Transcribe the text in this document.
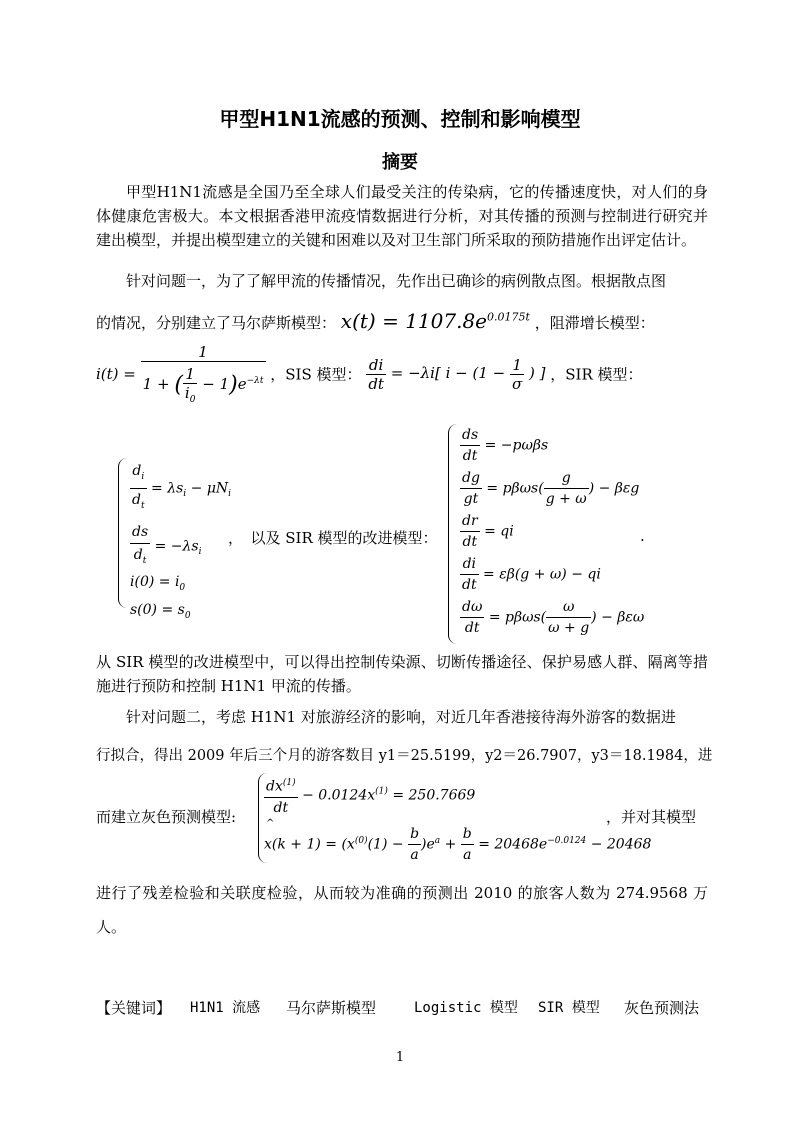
甲型H1N1流感的预测、控制和影响模型
摘要
甲型H1N1流感是全国乃至全球人们最受关注的传染病，它的传播速度快，对人们的身体健康危害极大。本文根据香港甲流疫情数据进行分析，对其传播的预测与控制进行研究并建出模型，并提出模型建立的关键和困难以及对卫生部门所采取的预防措施作出评定估计。
针对问题一，为了了解甲流的传播情况，先作出已确诊的病例散点图。根据散点图
的情况，分别建立了马尔萨斯模型： $x(t) = 1107.8e^{0.0175t}$ ，阻滞增长模型：
$i(t) = \frac{1}{1 + ( \frac{1}{i_0} - 1)e^{-\lambda t}}$ ，SIS 模型： $\frac{di}{dt} = -\lambda i$[ $i - (1 - \frac{1}{\sigma}$ ) ] ，SIR 模型：
$\frac{d_i}{d_t} = \lambda s_i - \mu N_i$
$\frac{ds}{d_t} = -\lambda s_i$
$i(0) = i_0$
$s(0) = s_0$
，　以及 SIR 模型的改进模型：
$\frac{ds}{dt} = -p\omega\beta s$
$\frac{dg}{gt} = p\beta\omega s( \frac{g}{g + \omega}$ ) − βεg
$\frac{dr}{dt}$ = qi
$\frac{di}{dt} = \varepsilon\beta(g + \omega)$ − qi
$\frac{d\omega}{dt} = p\beta\omega s( \frac{\omega}{\omega + g}$ ) − βεω
.
从 SIR 模型的改进模型中，可以得出控制传染源、切断传播途径、保护易感人群、隔离等措施进行预防和控制 H1N1 甲流的传播。
针对问题二，考虑 H1N1 对旅游经济的影响，对近几年香港接待海外游客的数据进
行拟合，得出 2009 年后三个月的游客数目 y1＝25.5199，y2＝26.7907，y3＝18.1984，进
而建立灰色预测模型: $\frac{dx^{(1)}}{dt} - 0.0124x^{(1)} = 250.7669$
^
$x(k + 1) = (x^{(0)}(1) - \frac{b}{a} )e^a + \frac{b}{a} = 20468e^{-0.0124} - 20468$
，并对其模型
进行了残差检验和关联度检验，从而较为准确的预测出 2010 的旅客人数为 274.9568 万人。
【关键词】 H1N1 流感 马尔萨斯模型	Logistic 模型 SIR 模型 灰色预测法
1
